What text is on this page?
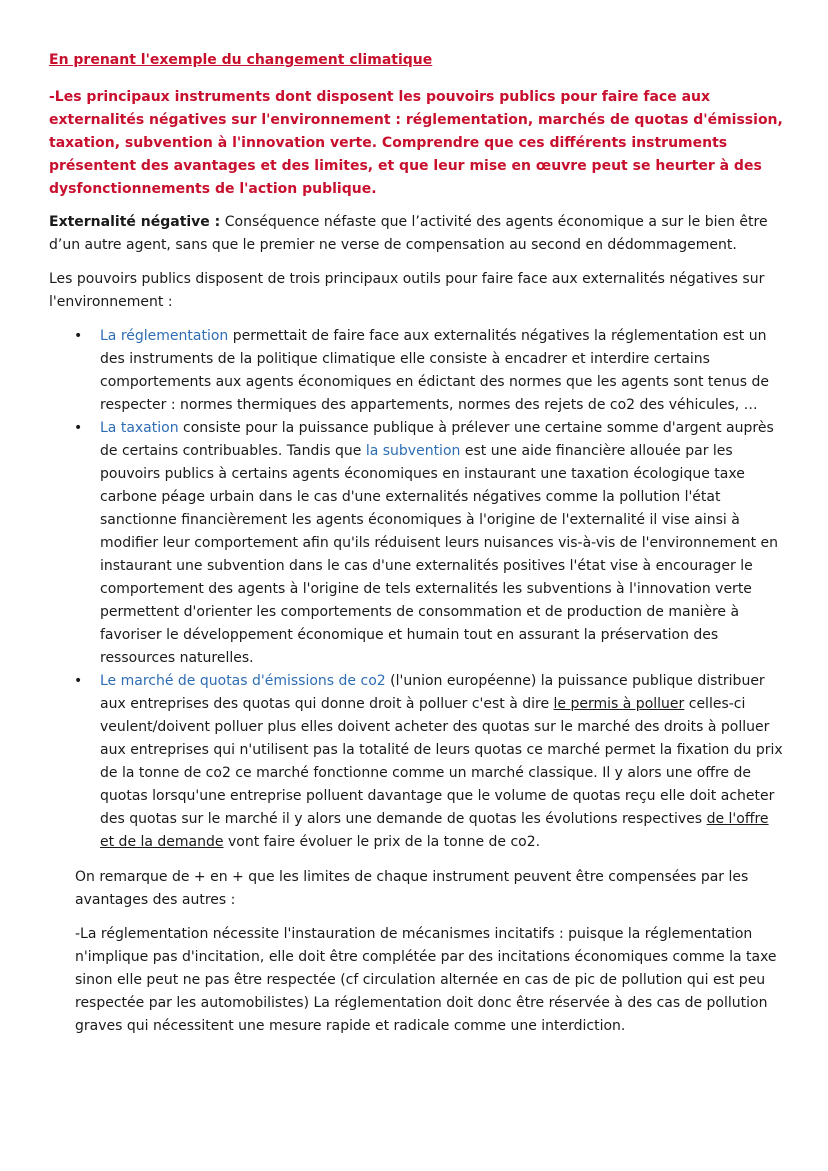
En prenant l'exemple du changement climatique

-Les principaux instruments dont disposent les pouvoirs publics pour faire face aux externalités négatives sur l'environnement : réglementation, marchés de quotas d'émission, taxation, subvention à l'innovation verte. Comprendre que ces différents instruments présentent des avantages et des limites, et que leur mise en œuvre peut se heurter à des dysfonctionnements de l'action publique.

Externalité négative : Conséquence néfaste que l’activité des agents économique a sur le bien être d’un autre agent, sans que le premier ne verse de compensation au second en dédommagement.

Les pouvoirs publics disposent de trois principaux outils pour faire face aux externalités négatives sur l'environnement :

• La réglementation permettait de faire face aux externalités négatives la réglementation est un des instruments de la politique climatique elle consiste à encadrer et interdire certains comportements aux agents économiques en édictant des normes que les agents sont tenus de respecter : normes thermiques des appartements, normes des rejets de co2 des véhicules, …
• La taxation consiste pour la puissance publique à prélever une certaine somme d'argent auprès de certains contribuables. Tandis que la subvention est une aide financière allouée par les pouvoirs publics à certains agents économiques en instaurant une taxation écologique taxe carbone péage urbain dans le cas d'une externalités négatives comme la pollution l'état sanctionne financièrement les agents économiques à l'origine de l'externalité il vise ainsi à modifier leur comportement afin qu'ils réduisent leurs nuisances vis-à-vis de l'environnement en instaurant une subvention dans le cas d'une externalités positives l'état vise à encourager le comportement des agents à l'origine de tels externalités les subventions à l'innovation verte permettent d'orienter les comportements de consommation et de production de manière à favoriser le développement économique et humain tout en assurant la préservation des ressources naturelles.
• Le marché de quotas d'émissions de co2 (l'union européenne) la puissance publique distribuer aux entreprises des quotas qui donne droit à polluer c'est à dire le permis à polluer celles-ci veulent/doivent polluer plus elles doivent acheter des quotas sur le marché des droits à polluer aux entreprises qui n'utilisent pas la totalité de leurs quotas ce marché permet la fixation du prix de la tonne de co2 ce marché fonctionne comme un marché classique. Il y alors une offre de quotas lorsqu'une entreprise polluent davantage que le volume de quotas reçu elle doit acheter des quotas sur le marché il y alors une demande de quotas les évolutions respectives de l'offre et de la demande vont faire évoluer le prix de la tonne de co2.

On remarque de + en + que les limites de chaque instrument peuvent être compensées par les avantages des autres :

-La réglementation nécessite l'instauration de mécanismes incitatifs : puisque la réglementation n'implique pas d'incitation, elle doit être complétée par des incitations économiques comme la taxe sinon elle peut ne pas être respectée (cf circulation alternée en cas de pic de pollution qui est peu respectée par les automobilistes) La réglementation doit donc être réservée à des cas de pollution graves qui nécessitent une mesure rapide et radicale comme une interdiction.
